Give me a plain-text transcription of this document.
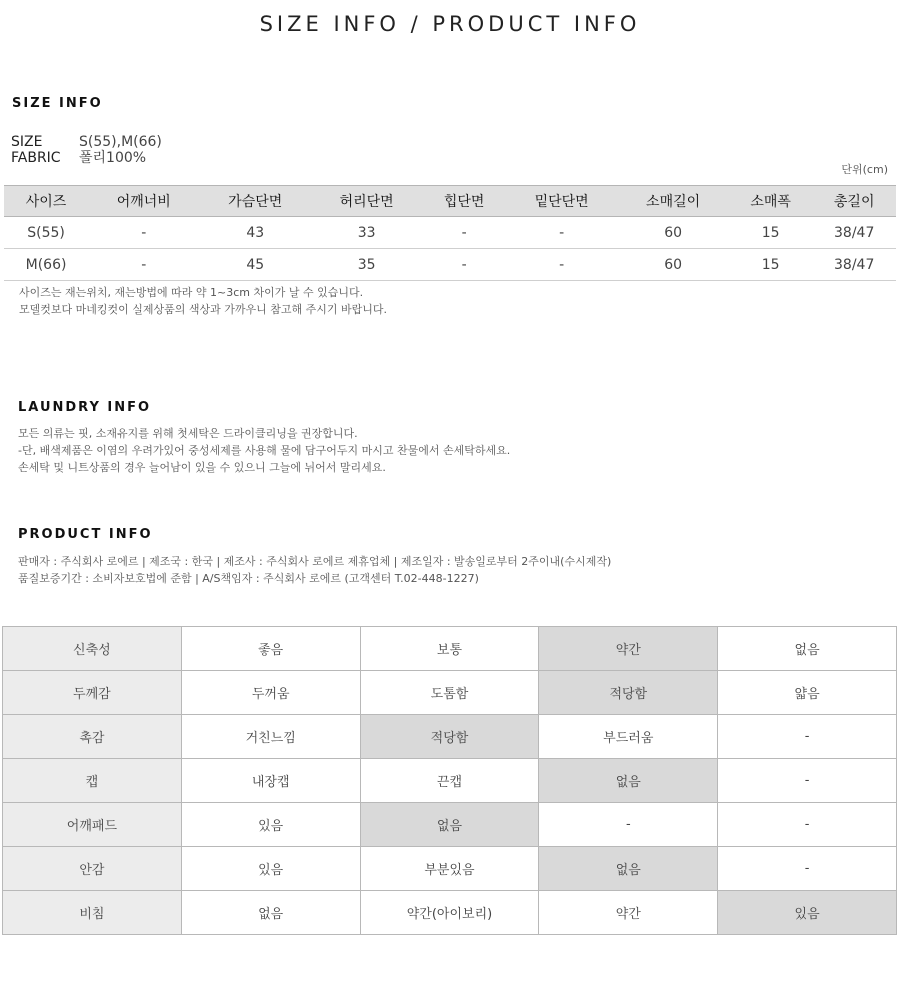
SIZE INFO / PRODUCT INFO
SIZE INFO
SIZE	S(55),M(66)
FABRIC	폴리100%
단위(cm)
사이즈	어깨너비	가슴단면	허리단면	힙단면	밑단단면	소매길이	소매폭	총길이
S(55)	-	43	33	-	-	60	15	38/47
M(66)	-	45	35	-	-	60	15	38/47
사이즈는 재는위치, 재는방법에 따라 약 1~3cm 차이가 날 수 있습니다.
모델컷보다 마네킹컷이 실제상품의 색상과 가까우니 참고해 주시기 바랍니다.
LAUNDRY INFO
모든 의류는 핏, 소재유지를 위해 첫세탁은 드라이클리닝을 권장합니다.
-단, 배색제품은 이염의 우려가있어 중성세제를 사용해 물에 담구어두지 마시고 찬물에서 손세탁하세요.
손세탁 및 니트상품의 경우 늘어남이 있을 수 있으니 그늘에 뉘어서 말리세요.
PRODUCT INFO
판매자 : 주식회사 로에르 | 제조국 : 한국 | 제조사 : 주식회사 로에르 제휴업체 | 제조일자 : 발송일로부터 2주이내(수시제작)
품질보증기간 : 소비자보호법에 준함 | A/S책임자 : 주식회사 로에르 (고객센터 T.02-448-1227)
신축성	좋음	보통	약간	없음
두께감	두꺼움	도톰함	적당함	얇음
촉감	거친느낌	적당함	부드러움	-
캡	내장캡	끈캡	없음	-
어깨패드	있음	없음	-	-
안감	있음	부분있음	없음	-
비침	없음	약간(아이보리)	약간	있음
